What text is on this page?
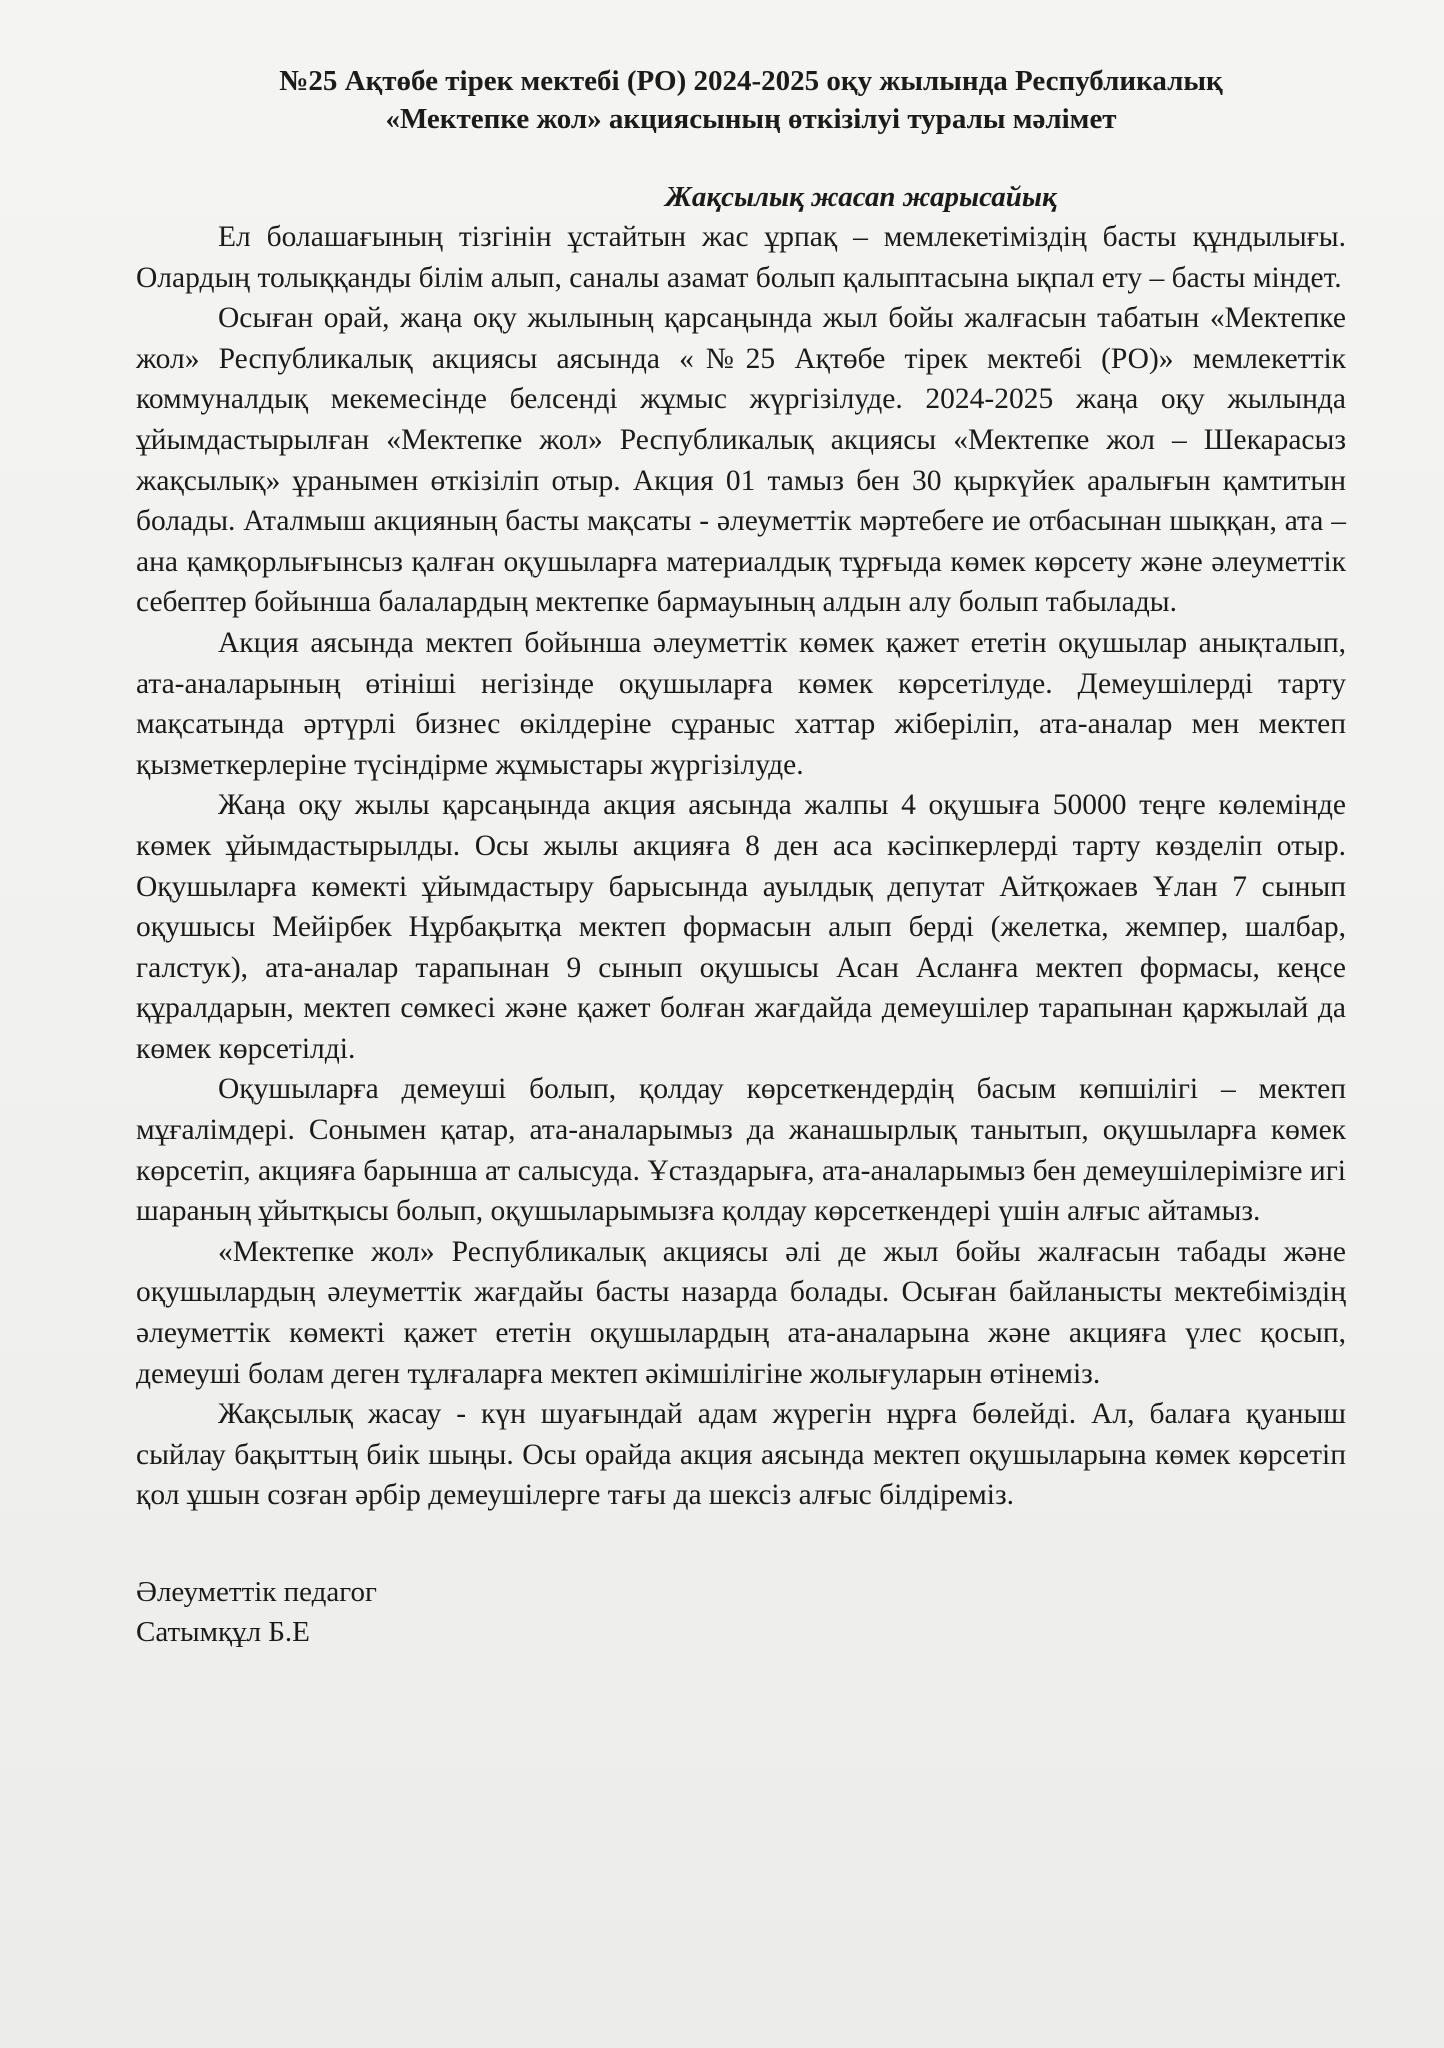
№25 Ақтөбе тірек мектебі (РО) 2024-2025 оқу жылында Республикалық
«Мектепке жол» акциясының өткізілуі туралы мәлімет
Жақсылық жасап жарысайық

Ел болашағының тізгінін ұстайтын жас ұрпақ – мемлекетіміздің басты құндылығы. Олардың толыққанды білім алып, саналы азамат болып қалыптасына ықпал ету – басты міндет.

Осыған орай, жаңа оқу жылының қарсаңында жыл бойы жалғасын табатын «Мектепке жол» Республикалық акциясы аясында «№25 Ақтөбе тірек мектебі (РО)» мемлекеттік коммуналдық мекемесінде белсенді жұмыс жүргізілуде. 2024-2025 жаңа оқу жылында ұйымдастырылған «Мектепке жол» Республикалық акциясы «Мектепке жол – Шекарасыз жақсылық» ұранымен өткізіліп отыр. Акция 01 тамыз бен 30 қыркүйек аралығын қамтитын болады. Аталмыш акцияның басты мақсаты - әлеуметтік мәртебеге ие отбасынан шыққан, ата – ана қамқорлығынсыз қалған оқушыларға материалдық тұрғыда көмек көрсету және әлеуметтік себептер бойынша балалардың мектепке бармауының алдын алу болып табылады.

Акция аясында мектеп бойынша әлеуметтік көмек қажет ететін оқушылар анықталып, ата-аналарының өтініші негізінде оқушыларға көмек көрсетілуде. Демеушілерді тарту мақсатында әртүрлі бизнес өкілдеріне сұраныс хаттар жіберіліп, ата-аналар мен мектеп қызметкерлеріне түсіндірме жұмыстары жүргізілуде.

Жаңа оқу жылы қарсаңында акция аясында жалпы 4 оқушыға 50000 теңге көлемінде көмек ұйымдастырылды. Осы жылы акцияға 8 ден аса кәсіпкерлерді тарту көзделіп отыр. Оқушыларға көмекті ұйымдастыру барысында ауылдық депутат Айтқожаев Ұлан 7 сынып оқушысы Мейірбек Нұрбақытқа мектеп формасын алып берді (желетка, жемпер, шалбар, галстук), ата-аналар тарапынан 9 сынып оқушысы Асан Асланға мектеп формасы, кеңсе құралдарын, мектеп сөмкесі және қажет болған жағдайда демеушілер тарапынан қаржылай да көмек көрсетілді.

Оқушыларға демеуші болып, қолдау көрсеткендердің басым көпшілігі – мектеп мұғалімдері. Сонымен қатар, ата-аналарымыз да жанашырлық танытып, оқушыларға көмек көрсетіп, акцияға барынша ат салысуда. Ұстаздарыға, ата-аналарымыз бен демеушілерімізге игі шараның ұйытқысы болып, оқушыларымызға қолдау көрсеткендері үшін алғыс айтамыз.

«Мектепке жол» Республикалық акциясы әлі де жыл бойы жалғасын табады және оқушылардың әлеуметтік жағдайы басты назарда болады. Осыған байланысты мектебіміздің әлеуметтік көмекті қажет ететін оқушылардың ата-аналарына және акцияға үлес қосып, демеуші болам деген тұлғаларға мектеп әкімшілігіне жолығуларын өтінеміз.

Жақсылық жасау - күн шуағындай адам жүрегін нұрға бөлейді. Ал, балаға қуаныш сыйлау бақыттың биік шыңы. Осы орайда акция аясында мектеп оқушыларына көмек көрсетіп қол ұшын созған әрбір демеушілерге тағы да шексіз алғыс білдіреміз.

Әлеуметтік педагог
Сатымқұл Б.Е
